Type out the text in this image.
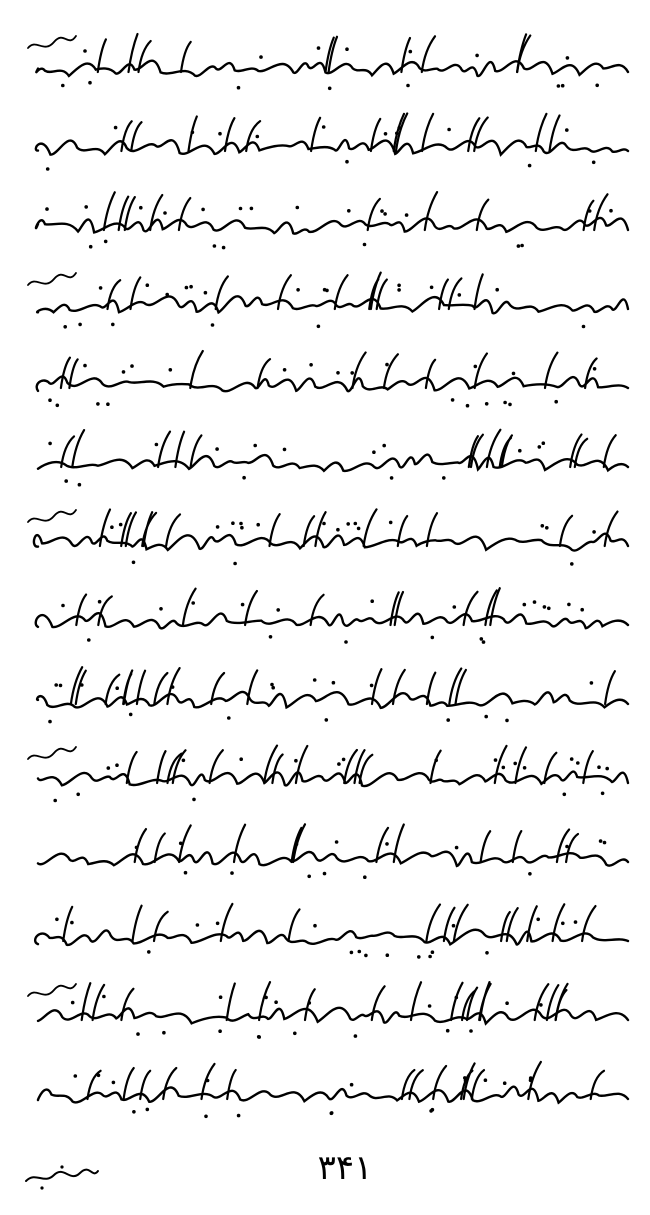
۳۴۱
